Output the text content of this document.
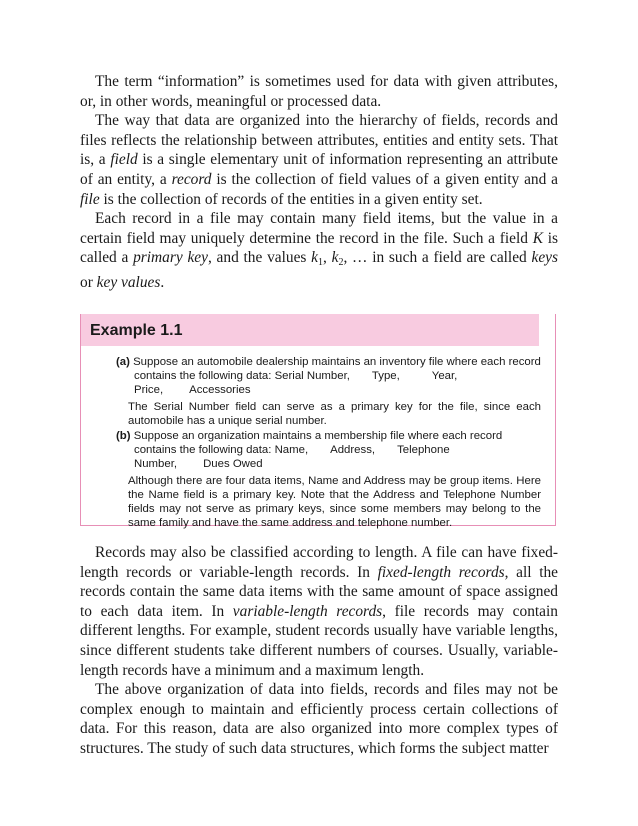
The term “information” is sometimes used for data with given attributes, or, in other words, meaningful or processed data.

The way that data are organized into the hierarchy of fields, records and files reflects the relationship between attributes, entities and entity sets. That is, a field is a single elementary unit of information representing an attribute of an entity, a record is the collection of field values of a given entity and a file is the collection of records of the entities in a given entity set.

Each record in a file may contain many field items, but the value in a certain field may uniquely determine the record in the file. Such a field K is called a primary key, and the values $k_1$, $k_2$, … in such a field are called keys or key values.

Example 1.1

(a) Suppose an automobile dealership maintains an inventory file where each record contains the following data: Serial Number, Type,	Year,
Price, Accessories

The Serial Number field can serve as a primary key for the file, since each automobile has a unique serial number.

(b) Suppose an organization maintains a membership file where each record contains the following data: Name, Address, Telephone
Number, Dues Owed

Although there are four data items, Name and Address may be group items. Here the Name field is a primary key. Note that the Address and Telephone Number fields may not serve as primary keys, since some members may belong to the same family and have the same address and telephone number.

Records may also be classified according to length. A file can have fixed-length records or variable-length records. In fixed-length records, all the records contain the same data items with the same amount of space assigned to each data item. In variable-length records, file records may contain different lengths. For example, student records usually have variable lengths, since different students take different numbers of courses. Usually, variable-length records have a minimum and a maximum length.

The above organization of data into fields, records and files may not be complex enough to maintain and efficiently process certain collections of data. For this reason, data are also organized into more complex types of structures. The study of such data structures, which forms the subject matter
